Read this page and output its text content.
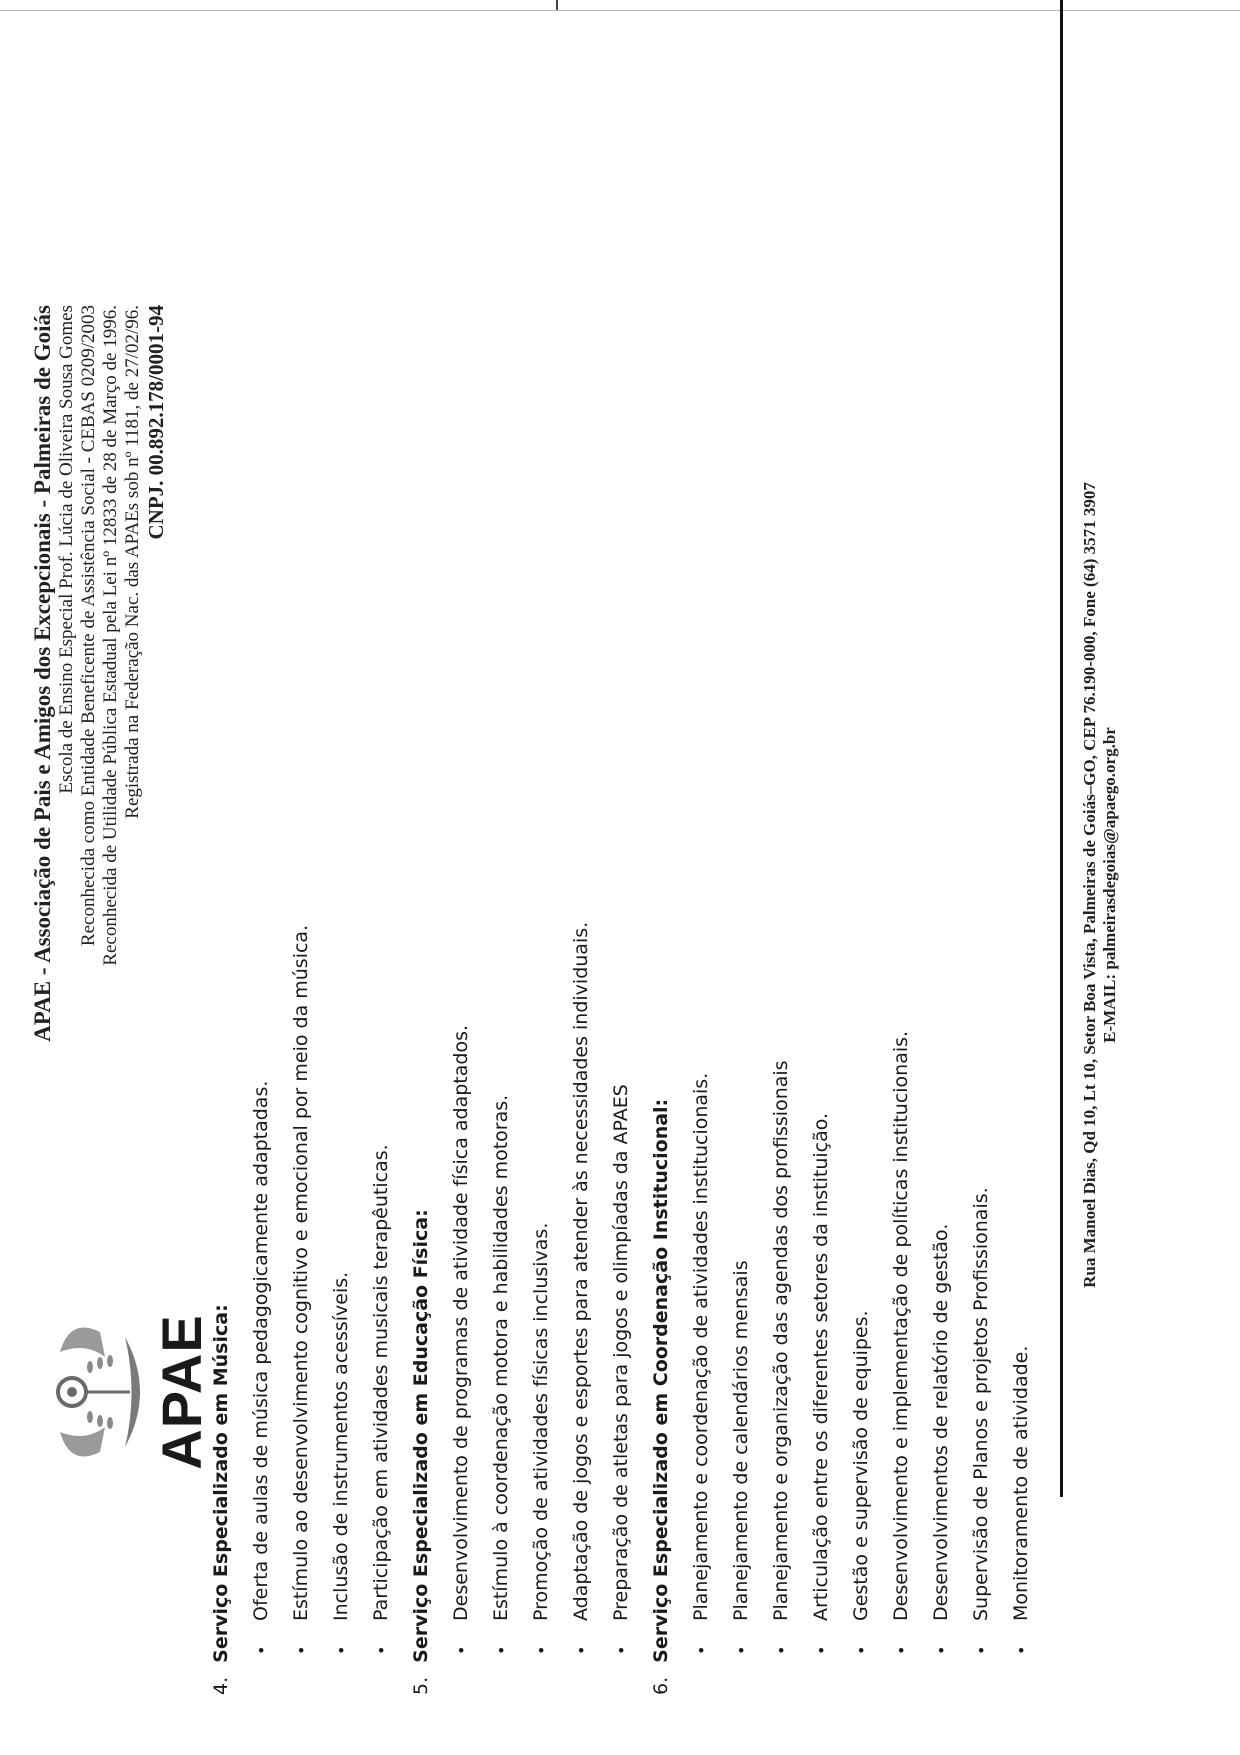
APAE
APAE - Associação de Pais e Amigos dos Excepcionais - Palmeiras de Goiás Escola de Ensino Especial Prof. Lúcia de Oliveira Sousa Gomes Reconhecida como Entidade Beneficente de Assistência Social - CEBAS 0209/2003 Reconhecida de Utilidade Pública Estadual pela Lei nº 12833 de 28 de Março de 1996. Registrada na Federação Nac. das APAEs sob nº 1181, de 27/02/96. CNPJ. 00.892.178/0001-94
4.Serviço Especializado em Música: •Oferta de aulas de música pedagogicamente adaptadas.
•Estímulo ao desenvolvimento cognitivo e emocional por meio da música.
•Inclusão de instrumentos acessíveis.
•Participação em atividades musicais terapêuticas.
5.Serviço Especializado em Educação Física: •Desenvolvimento de programas de atividade física adaptados.
•Estímulo à coordenação motora e habilidades motoras.
•Promoção de atividades físicas inclusivas.
•Adaptação de jogos e esportes para atender às necessidades individuais.
•Preparação de atletas para jogos e olimpíadas da APAES
6.Serviço Especializado em Coordenação Institucional: •Planejamento e coordenação de atividades institucionais.
•Planejamento de calendários mensais
•Planejamento e organização das agendas dos profissionais
•Articulação entre os diferentes setores da instituição.
•Gestão e supervisão de equipes.
•Desenvolvimento e implementação de políticas institucionais.
•Desenvolvimentos de relatório de gestão.
•Supervisão de Planos e projetos Profissionais.
•Monitoramento de atividade.
Rua Manoel Dias, Qd 10, Lt 10, Setor Boa Vista, Palmeiras de Goiás–GO, CEP 76.190-000, Fone (64) 3571 3907 E-MAIL: palmeirasdegoias@apaego.org.br
